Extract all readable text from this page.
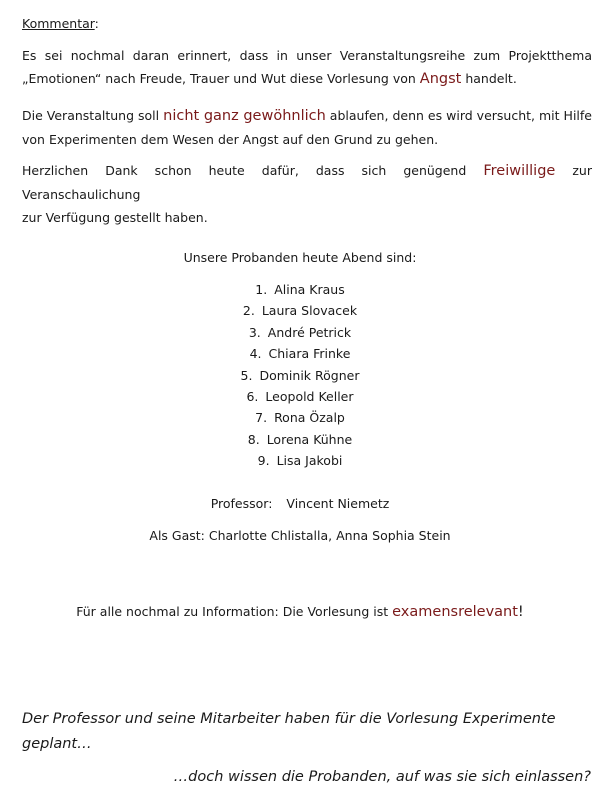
Kommentar:
Es sei nochmal daran erinnert, dass in unser Veranstaltungsreihe zum Projektthema
„Emotionen“ nach Freude, Trauer und Wut diese Vorlesung von Angst handelt.
Die Veranstaltung soll nicht ganz gewöhnlich ablaufen, denn es wird versucht, mit Hilfe
von Experimenten dem Wesen der Angst auf den Grund zu gehen.
Herzlichen Dank schon heute dafür, dass sich genügend Freiwillige zur Veranschaulichung
zur Verfügung gestellt haben.
Unsere Probanden heute Abend sind:
1. Alina Kraus
2. Laura Slovacek
3. André Petrick
4. Chiara Frinke
5. Dominik Rögner
6. Leopold Keller
7. Rona Özalp
8. Lorena Kühne
9. Lisa Jakobi
Professor: Vincent Niemetz
Als Gast: Charlotte Chlistalla, Anna Sophia Stein
Für alle nochmal zu Information: Die Vorlesung ist examensrelevant!
Der Professor und seine Mitarbeiter haben für die Vorlesung Experimente
geplant…
…doch wissen die Probanden, auf was sie sich einlassen?
